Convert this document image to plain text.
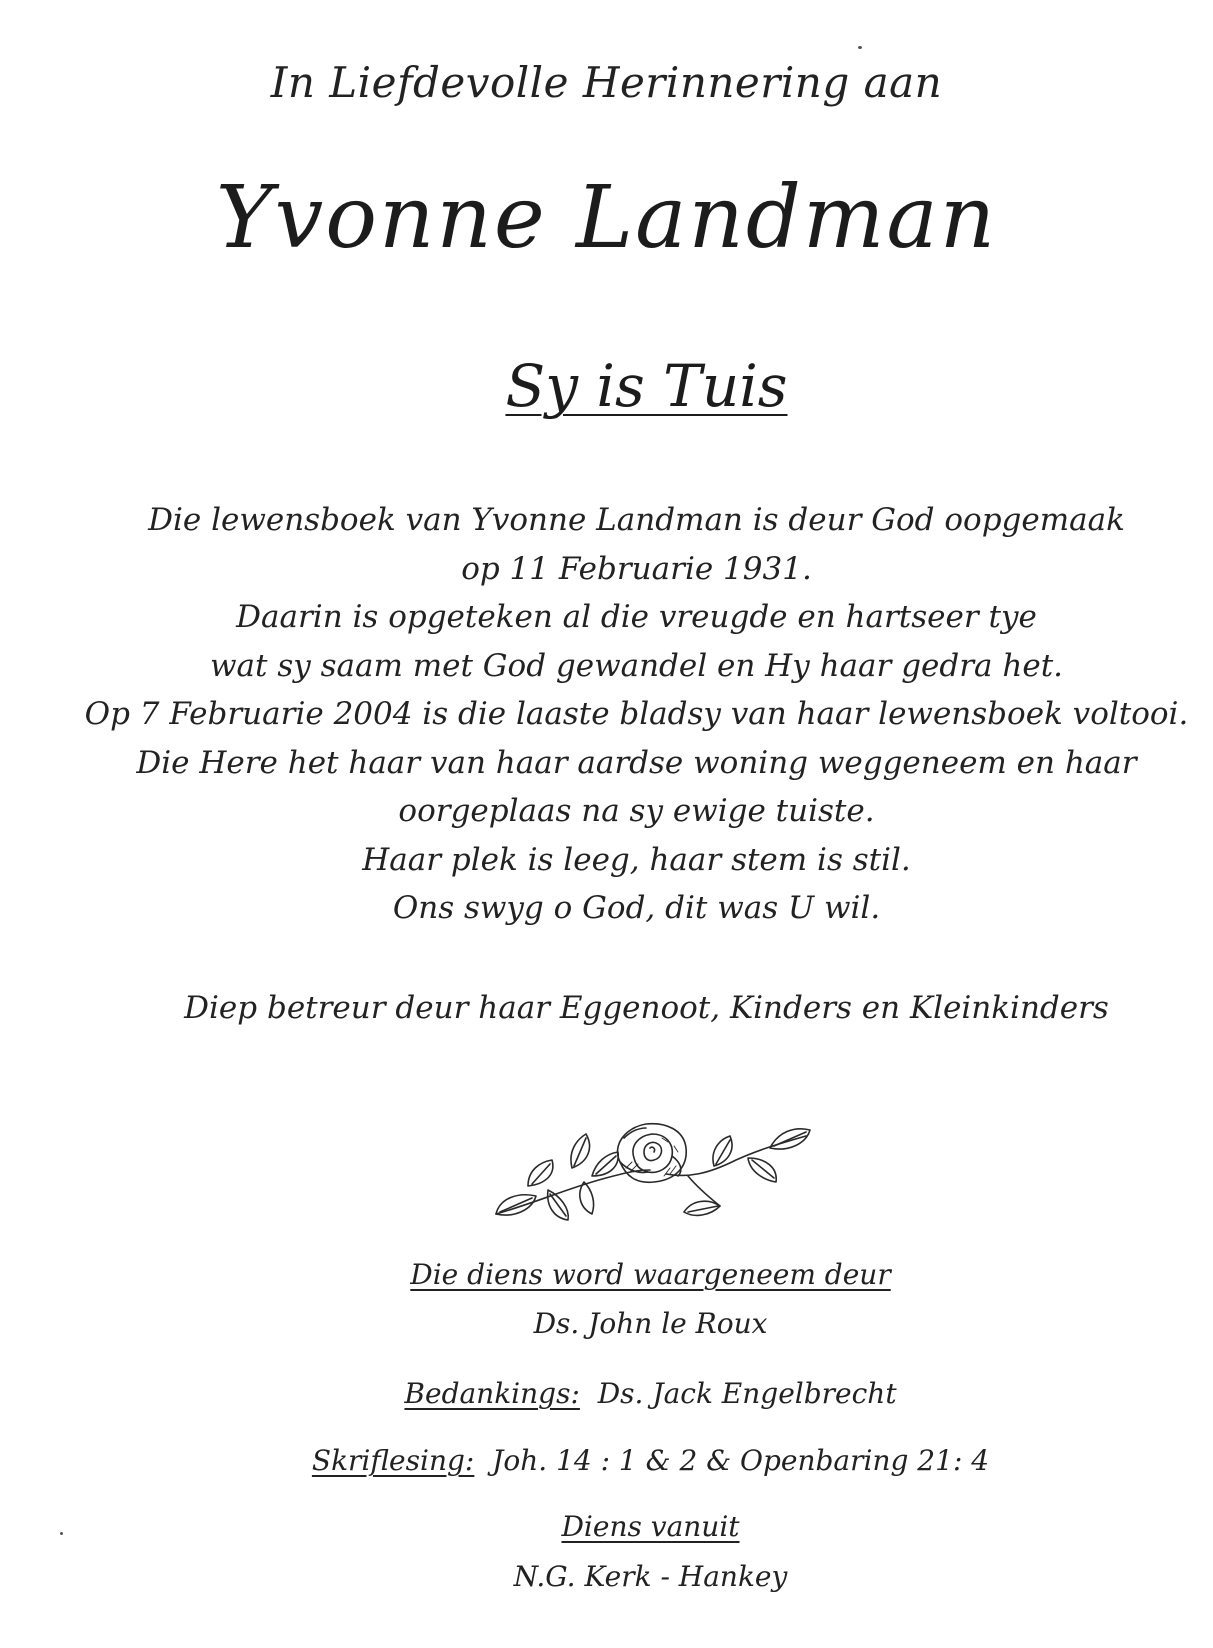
In Liefdevolle Herinnering aan
Yvonne Landman
Sy is Tuis
Die lewensboek van Yvonne Landman is deur God oopgemaak
op 11 Februarie 1931.
Daarin is opgeteken al die vreugde en hartseer tye
wat sy saam met God gewandel en Hy haar gedra het.
Op 7 Februarie 2004 is die laaste bladsy van haar lewensboek voltooi.
Die Here het haar van haar aardse woning weggeneem en haar
oorgeplaas na sy ewige tuiste.
Haar plek is leeg, haar stem is stil.
Ons swyg o God, dit was U wil.
Diep betreur deur haar Eggenoot, Kinders en Kleinkinders
Die diens word waargeneem deur
Ds. John le Roux
Bedankings: Ds. Jack Engelbrecht
Skriflesing: Joh. 14 : 1 & 2 & Openbaring 21: 4
Diens vanuit
N.G. Kerk - Hankey
